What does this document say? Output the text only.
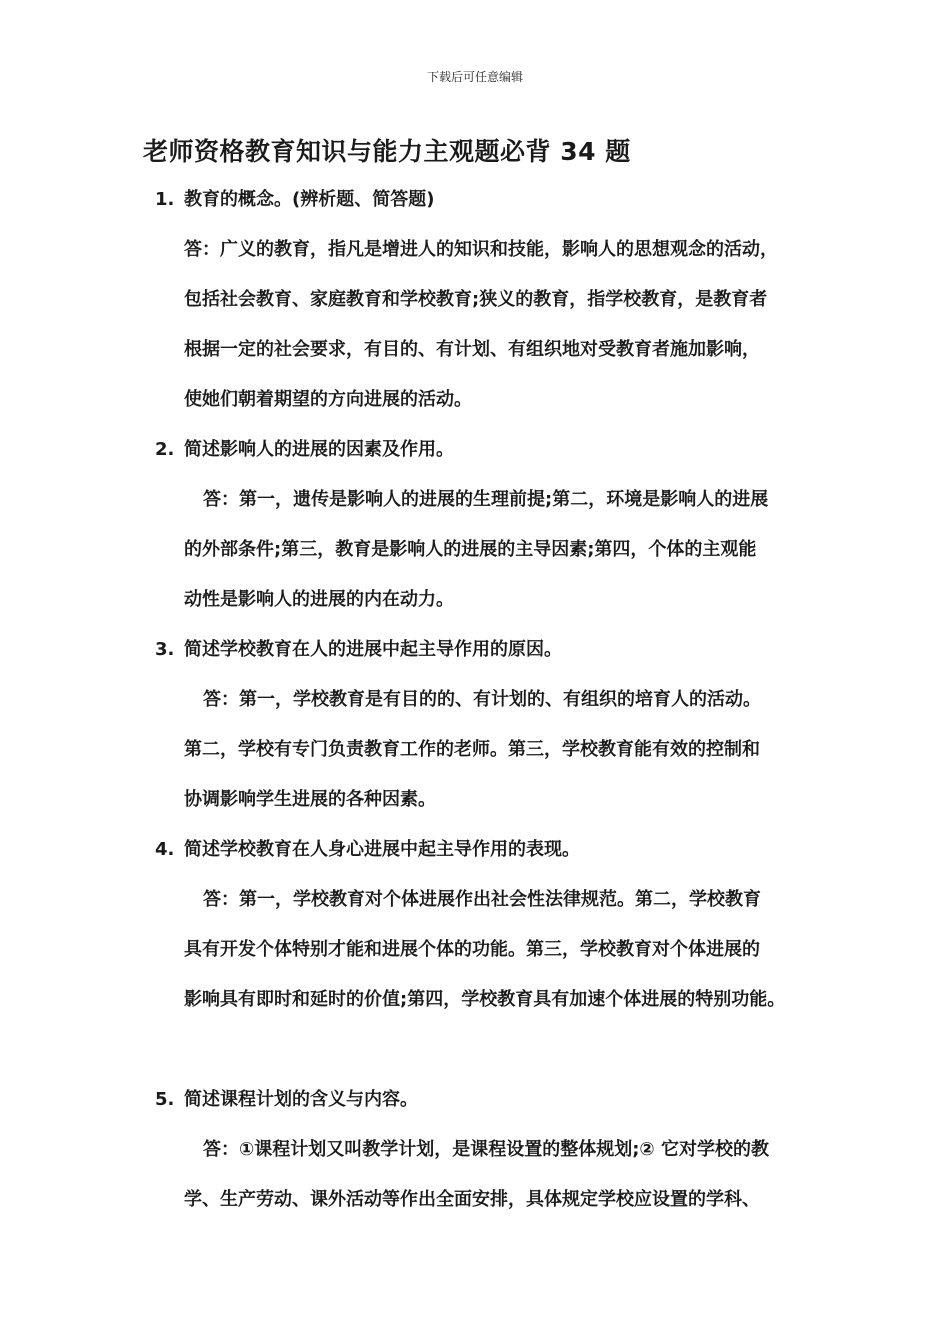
下载后可任意编辑
老师资格教育知识与能力主观题必背 34 题
1. 教育的概念。(辨析题、简答题)
答：广义的教育，指凡是增进人的知识和技能，影响人的思想观念的活动，
包括社会教育、家庭教育和学校教育;狭义的教育，指学校教育，是教育者
根据一定的社会要求，有目的、有计划、有组织地对受教育者施加影响，
使她们朝着期望的方向进展的活动。
2. 简述影响人的进展的因素及作用。
答：第一，遗传是影响人的进展的生理前提;第二，环境是影响人的进展
的外部条件;第三，教育是影响人的进展的主导因素;第四，个体的主观能
动性是影响人的进展的内在动力。
3. 简述学校教育在人的进展中起主导作用的原因。
答：第一，学校教育是有目的的、有计划的、有组织的培育人的活动。
第二，学校有专门负责教育工作的老师。第三，学校教育能有效的控制和
协调影响学生进展的各种因素。
4. 简述学校教育在人身心进展中起主导作用的表现。
答：第一，学校教育对个体进展作出社会性法律规范。第二，学校教育
具有开发个体特别才能和进展个体的功能。第三，学校教育对个体进展的
影响具有即时和延时的价值;第四，学校教育具有加速个体进展的特别功能。
5. 简述课程计划的含义与内容。
答：①课程计划又叫教学计划，是课程设置的整体规划;② 它对学校的教
学、生产劳动、课外活动等作出全面安排，具体规定学校应设置的学科、
